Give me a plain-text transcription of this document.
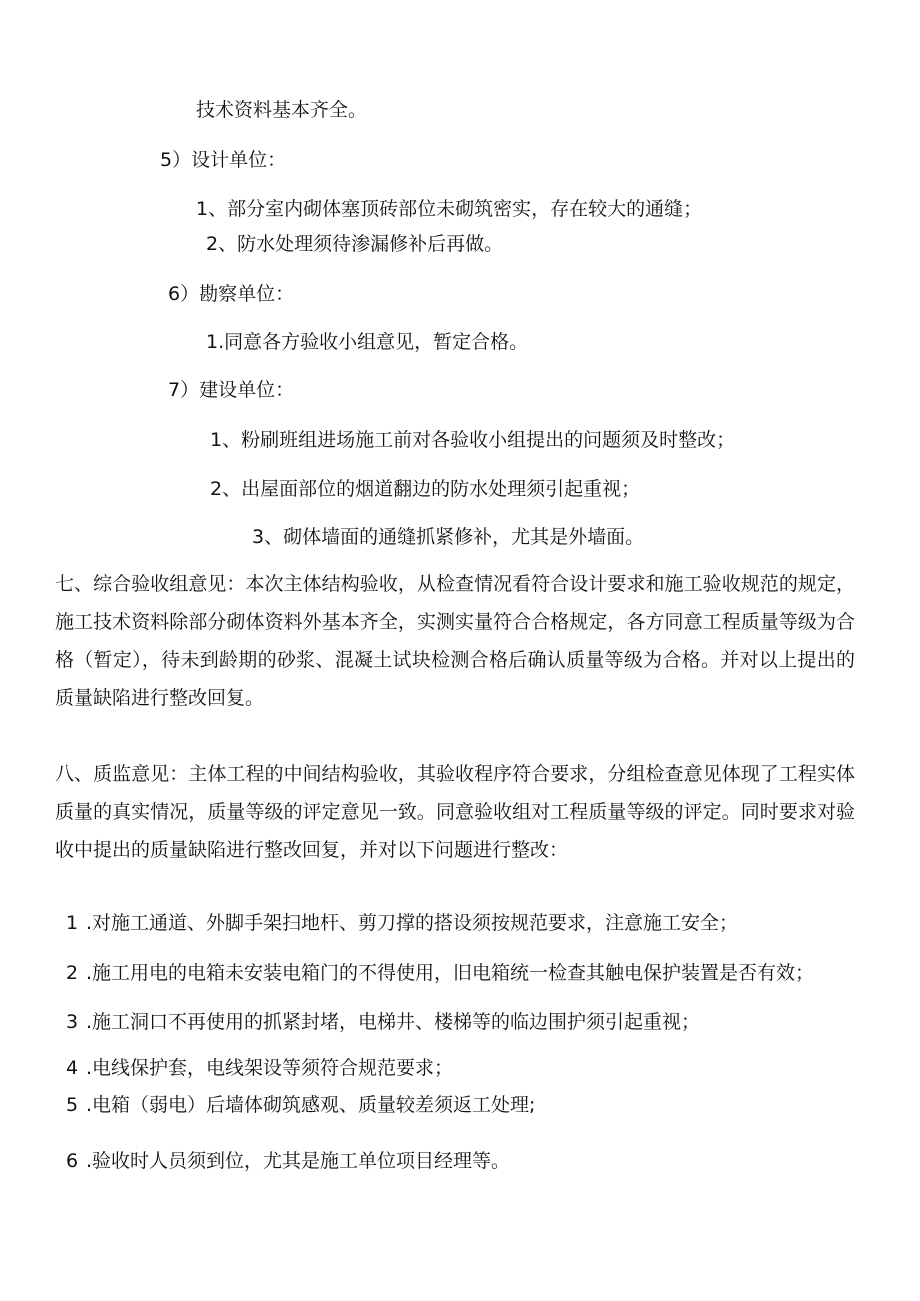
技术资料基本齐全。
5）设计单位：
1、部分室内砌体塞顶砖部位未砌筑密实，存在较大的通缝；
2、防水处理须待渗漏修补后再做。
6）勘察单位：
1.同意各方验收小组意见，暂定合格。
7）建设单位：
1、粉刷班组进场施工前对各验收小组提出的问题须及时整改；
2、出屋面部位的烟道翻边的防水处理须引起重视；
3、砌体墙面的通缝抓紧修补，尤其是外墙面。
七、综合验收组意见：本次主体结构验收，从检查情况看符合设计要求和施工验收规范的规定，施工技术资料除部分砌体资料外基本齐全，实测实量符合合格规定，各方同意工程质量等级为合格（暂定），待未到龄期的砂浆、混凝土试块检测合格后确认质量等级为合格。并对以上提出的质量缺陷进行整改回复。
八、质监意见：主体工程的中间结构验收，其验收程序符合要求，分组检查意见体现了工程实体质量的真实情况，质量等级的评定意见一致。同意验收组对工程质量等级的评定。同时要求对验收中提出的质量缺陷进行整改回复，并对以下问题进行整改：
1 .对施工通道、外脚手架扫地杆、剪刀撑的搭设须按规范要求，注意施工安全；
2 .施工用电的电箱未安装电箱门的不得使用，旧电箱统一检查其触电保护装置是否有效；
3 .施工洞口不再使用的抓紧封堵，电梯井、楼梯等的临边围护须引起重视；
4 .电线保护套，电线架设等须符合规范要求；
5 .电箱（弱电）后墙体砌筑感观、质量较差须返工处理;
6 .验收时人员须到位，尤其是施工单位项目经理等。
